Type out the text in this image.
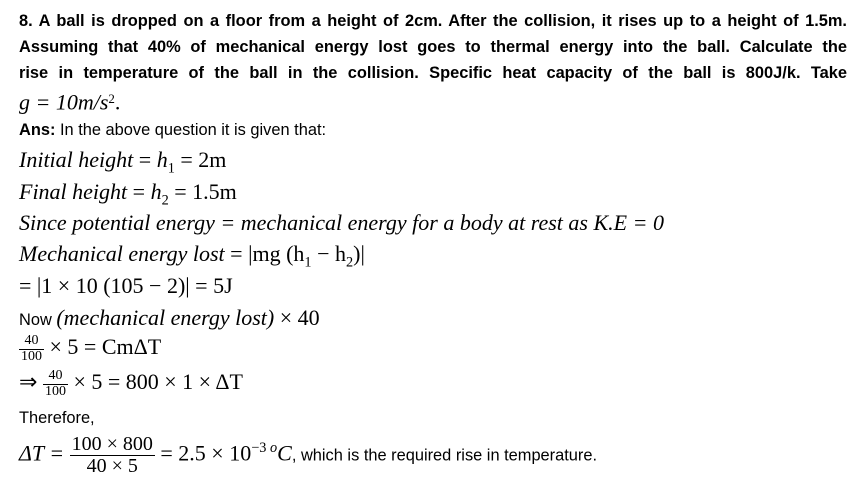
8. A ball is dropped on a floor from a height of 2cm. After the collision, it rises up to a height of 1.5m.
Assuming that 40% of mechanical energy lost goes to thermal energy into the ball. Calculate the
rise in temperature of the ball in the collision. Specific heat capacity of the ball is 800J/k. Take
$g = 10m/s^2$.
Ans: In the above question it is given that:
Initial height = $h_1 = 2m$
Final height = $h_2 = 1.5m$
Since potential energy = mechanical energy for a body at rest as K.E = 0
Mechanical energy lost = |mg $(h_1 - h_2)|$
= |1 × 10 (105 − 2)| = 5J
Now (mechanical energy lost) × 40
$\frac{40}{100} \times 5 = Cm\Delta T$
⇒ $\frac{40}{100} \times 5 = 800 \times 1 \times \Delta T$
Therefore,
$\Delta T = \frac{100 \times 800}{40 \times 5} = 2.5 \times 10^{-3}$ $^o$C, which is the required rise in temperature.
